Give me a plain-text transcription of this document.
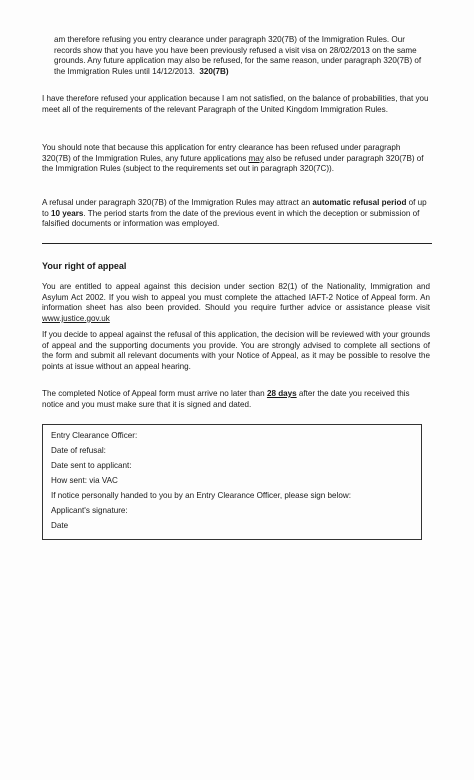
am therefore refusing you entry clearance under paragraph 320(7B) of the Immigration Rules. Our records show that you have you have been previously refused a visit visa on 28/02/2013 on the same grounds. Any future application may also be refused, for the same reason, under paragraph 320(7B) of the Immigration Rules until 14/12/2013. 320(7B)

I have therefore refused your application because I am not satisfied, on the balance of probabilities, that you meet all of the requirements of the relevant Paragraph of the United Kingdom Immigration Rules.

You should note that because this application for entry clearance has been refused under paragraph 320(7B) of the Immigration Rules, any future applications may also be refused under paragraph 320(7B) of the Immigration Rules (subject to the requirements set out in paragraph 320(7C)).

A refusal under paragraph 320(7B) of the Immigration Rules may attract an automatic refusal period of up to 10 years. The period starts from the date of the previous event in which the deception or submission of falsified documents or information was employed.

Your right of appeal

You are entitled to appeal against this decision under section 82(1) of the Nationality, Immigration and Asylum Act 2002. If you wish to appeal you must complete the attached IAFT-2 Notice of Appeal form. An information sheet has also been provided. Should you require further advice or assistance please visit www.justice.gov.uk

If you decide to appeal against the refusal of this application, the decision will be reviewed with your grounds of appeal and the supporting documents you provide. You are strongly advised to complete all sections of the form and submit all relevant documents with your Notice of Appeal, as it may be possible to resolve the points at issue without an appeal hearing.

The completed Notice of Appeal form must arrive no later than 28 days after the date you received this notice and you must make sure that it is signed and dated.

Entry Clearance Officer:
Date of refusal:
Date sent to applicant:
How sent: via VAC
If notice personally handed to you by an Entry Clearance Officer, please sign below:
Applicant's signature:
Date
